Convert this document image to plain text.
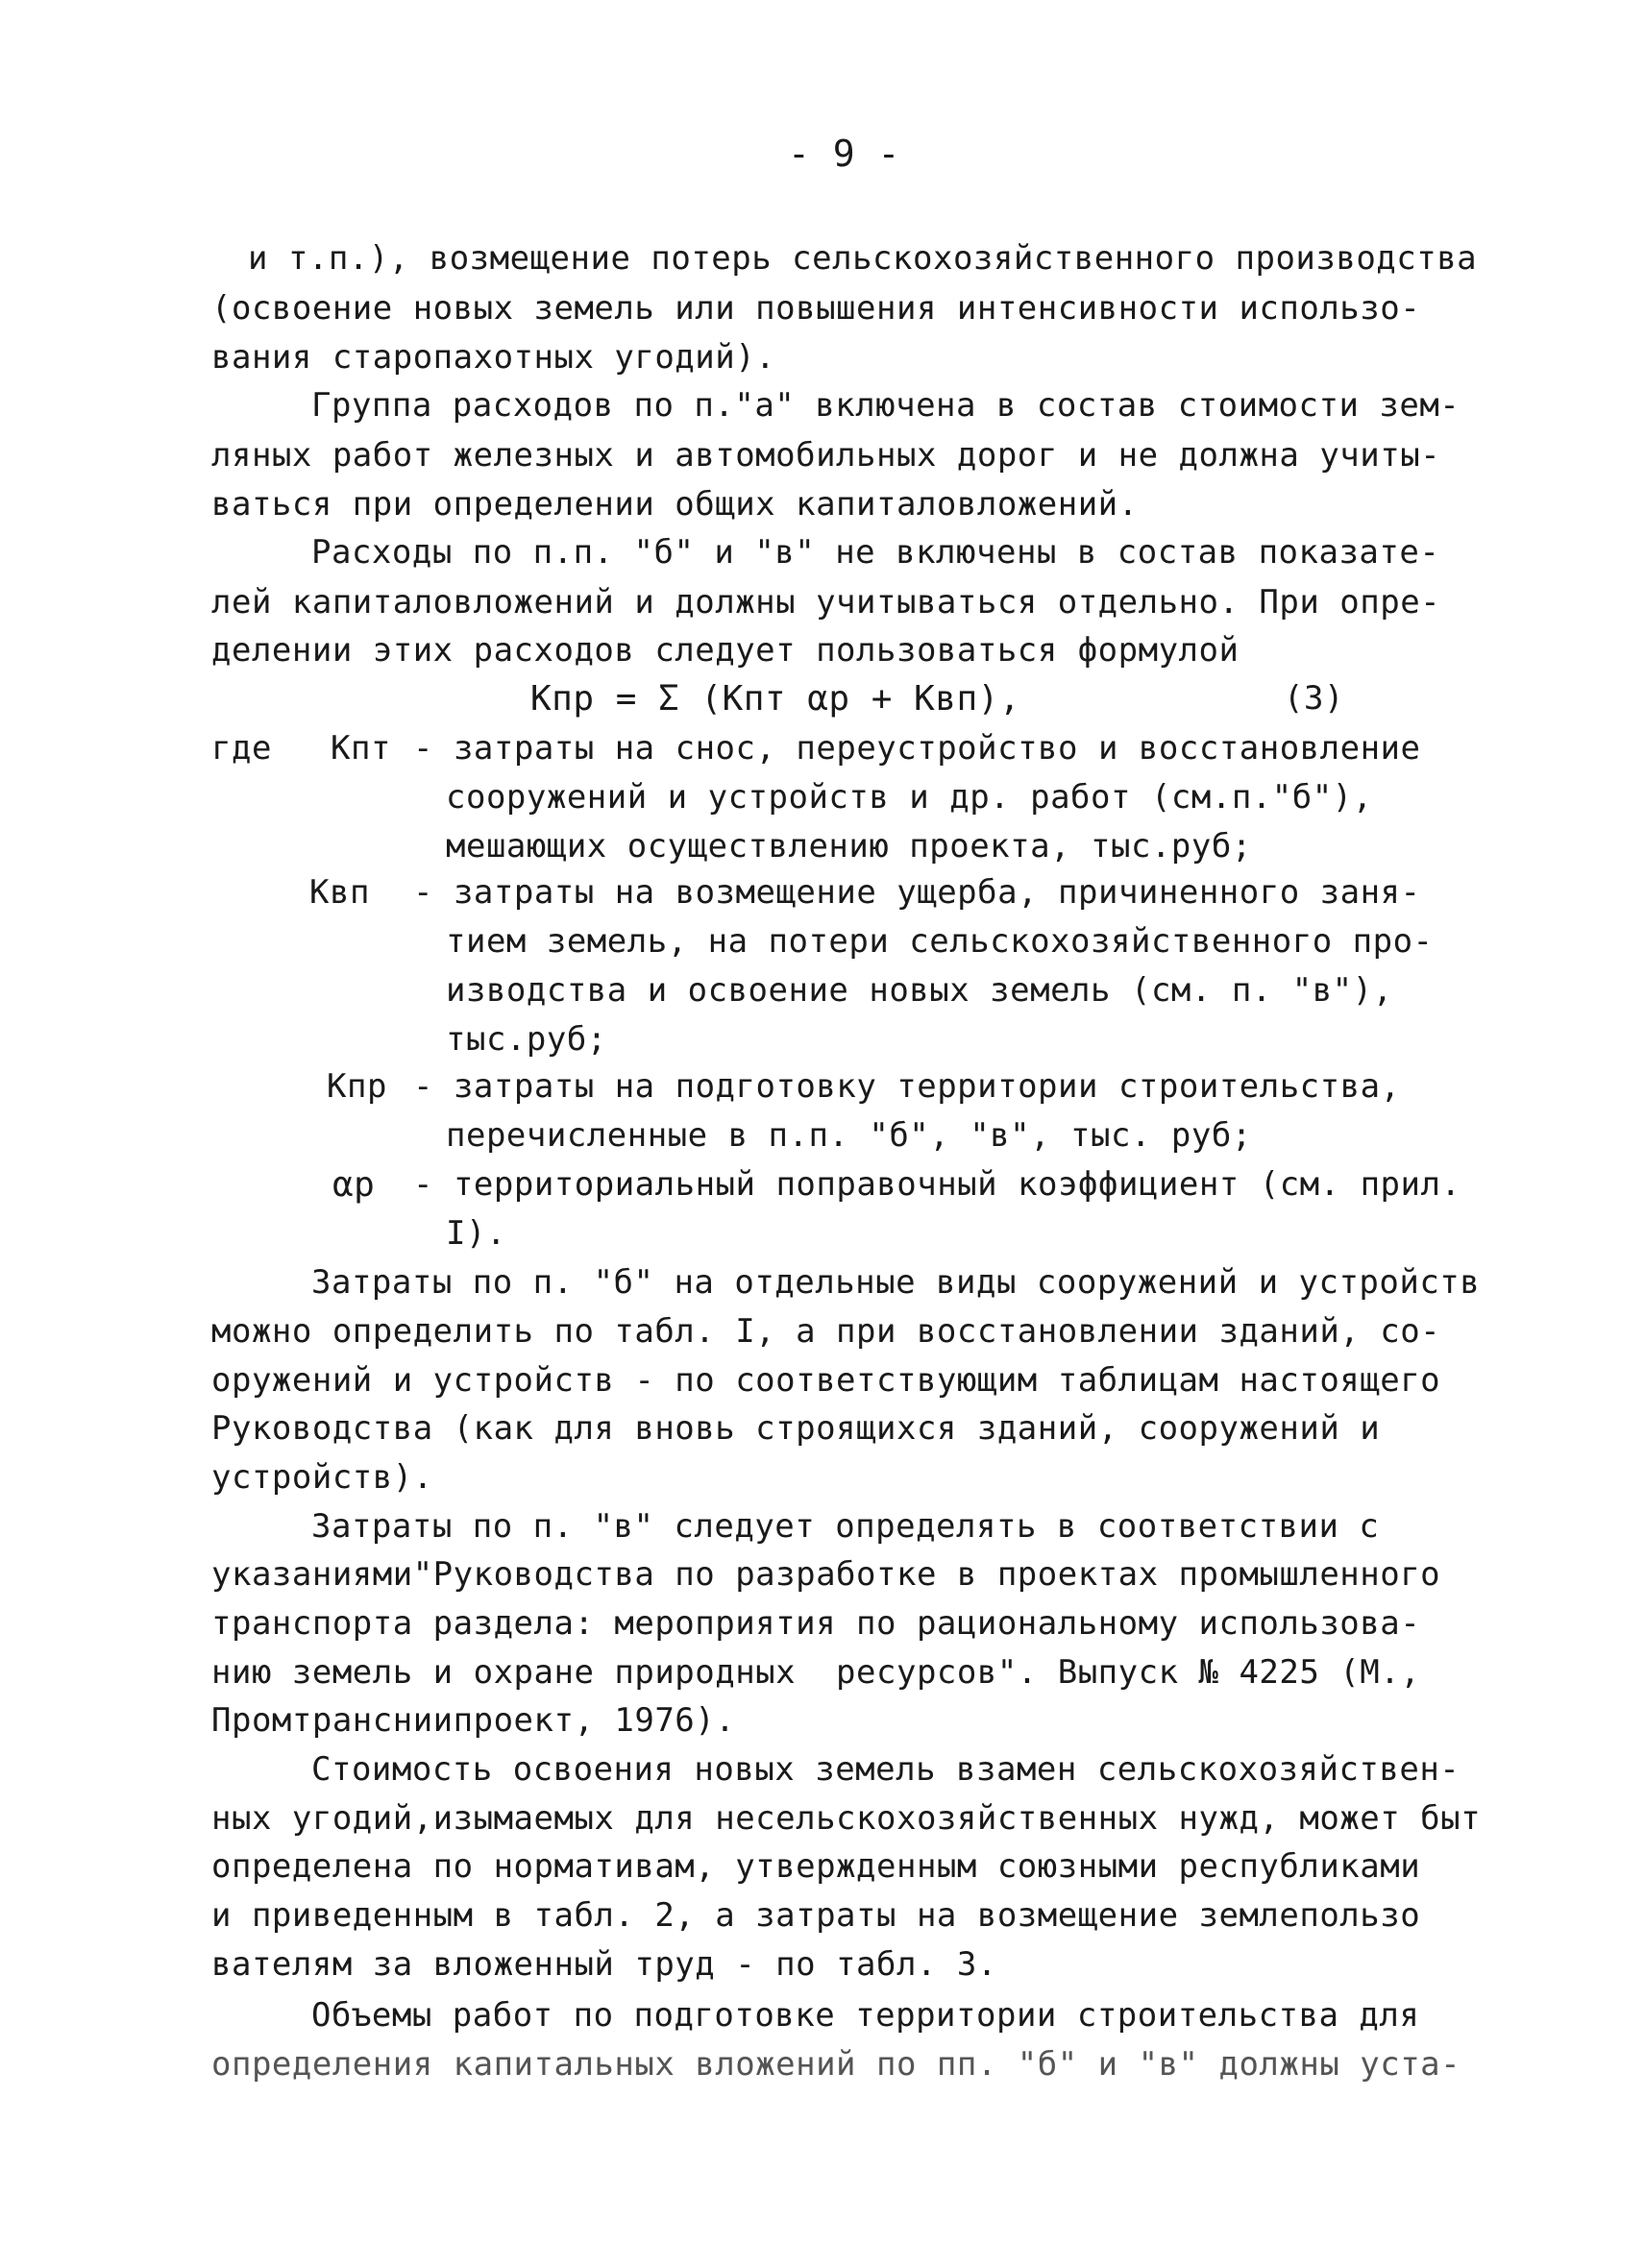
- 9 -
и т.п.), возмещение потерь сельскохозяйственного производства
(освоение новых земель или повышения интенсивности использо-
вания старопахотных угодий).
Группа расходов по п."а" включена в состав стоимости зем-
ляных работ железных и автомобильных дорог и не должна учиты-
ваться при определении общих капиталовложений.
Расходы по п.п. "б" и "в" не включены в состав показате-
лей капиталовложений и должны учитываться отдельно. При опре-
делении этих расходов следует пользоваться формулой
Кпр = Σ (Кпт αр + Квп),	(3)
где Кпт - затраты на снос, переустройство и восстановление
сооружений и устройств и др. работ (см.п."б"),
мешающих осуществлению проекта, тыс.руб;
Квп - затраты на возмещение ущерба, причиненного заня-
тием земель, на потери сельскохозяйственного про-
изводства и освоение новых земель (см. п. "в"),
тыс.руб;
Кпр - затраты на подготовку территории строительства,
перечисленные в п.п. "б", "в", тыс. руб;
αр - территориальный поправочный коэффициент (см. прил.
I).
Затраты по п. "б" на отдельные виды сооружений и устройств
можно определить по табл. I, а при восстановлении зданий, со-
оружений и устройств - по соответствующим таблицам настоящего
Руководства (как для вновь строящихся зданий, сооружений и
устройств).
Затраты по п. "в" следует определять в соответствии с
указаниями"Руководства по разработке в проектах промышленного
транспорта раздела: мероприятия по рациональному использова-
нию земель и охране природных  ресурсов". Выпуск № 4225 (М.,
Промтрансниипроект, 1976).
Стоимость освоения новых земель взамен сельскохозяйствен-
ных угодий,изымаемых для несельскохозяйственных нужд, может быт
определена по нормативам, утвержденным союзными республиками
и приведенным в табл. 2, а затраты на возмещение землепользо
вателям за вложенный труд - по табл. 3.
Объемы работ по подготовке территории строительства для
определения капитальных вложений по пп. "б" и "в" должны уста-
